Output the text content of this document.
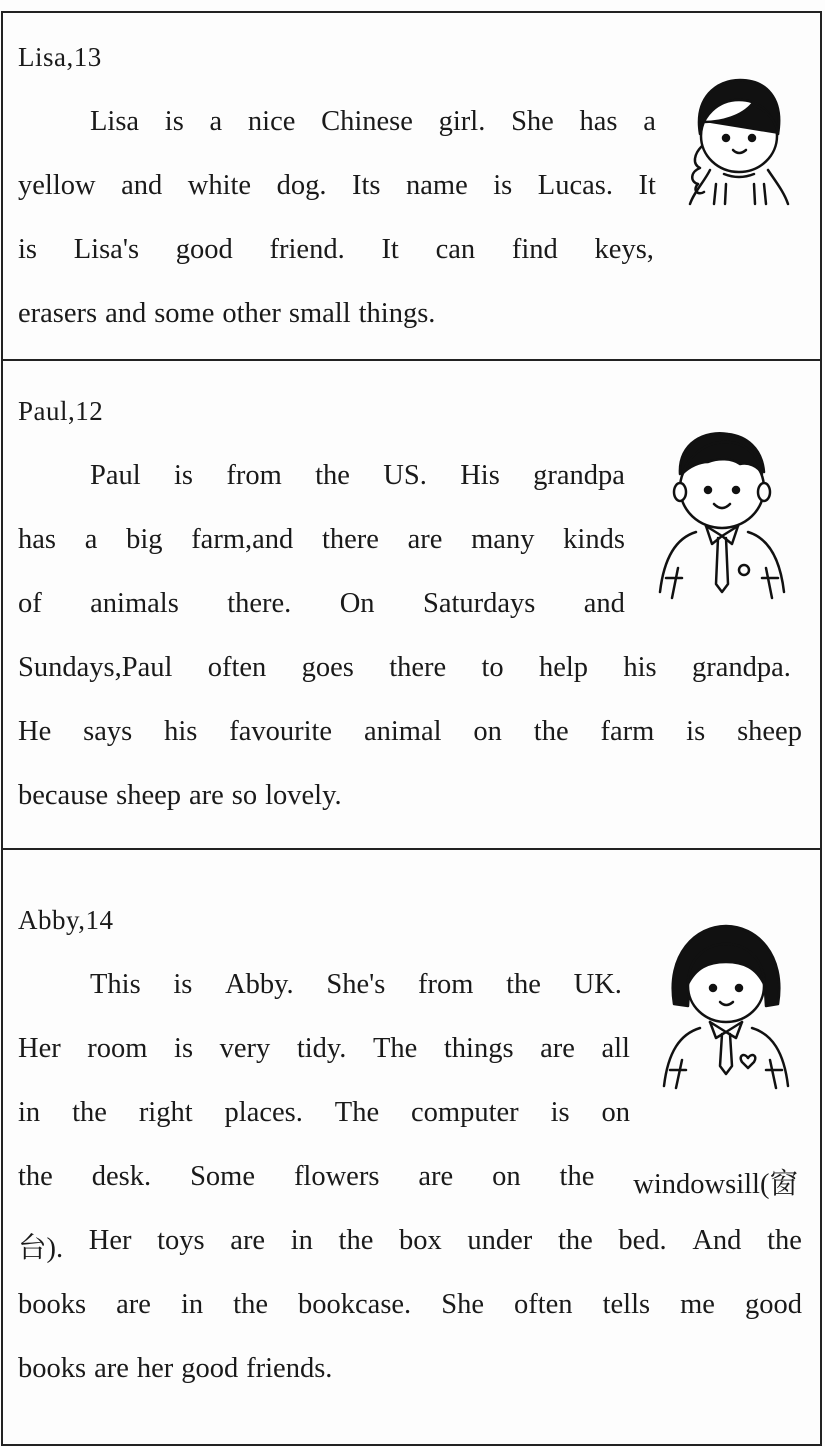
Lisa,13
Lisa is a nice Chinese girl. She has a
yellow and white dog. Its name is Lucas. It
is Lisa's good friend. It can find keys,
erasers and some other small things.
Paul,12
Paul is from the US. His grandpa
has a big farm,and there are many kinds
of animals there. On Saturdays and
Sundays,Paul often goes there to help his grandpa.
He says his favourite animal on the farm is sheep
because sheep are so lovely.
Abby,14
This is Abby. She's from the UK.
Her room is very tidy. The things are all
in the right places. The computer is on
the desk. Some flowers are on the windowsill(窗
台). Her toys are in the box under the bed. And the
books are in the bookcase. She often tells me good
books are her good friends.
